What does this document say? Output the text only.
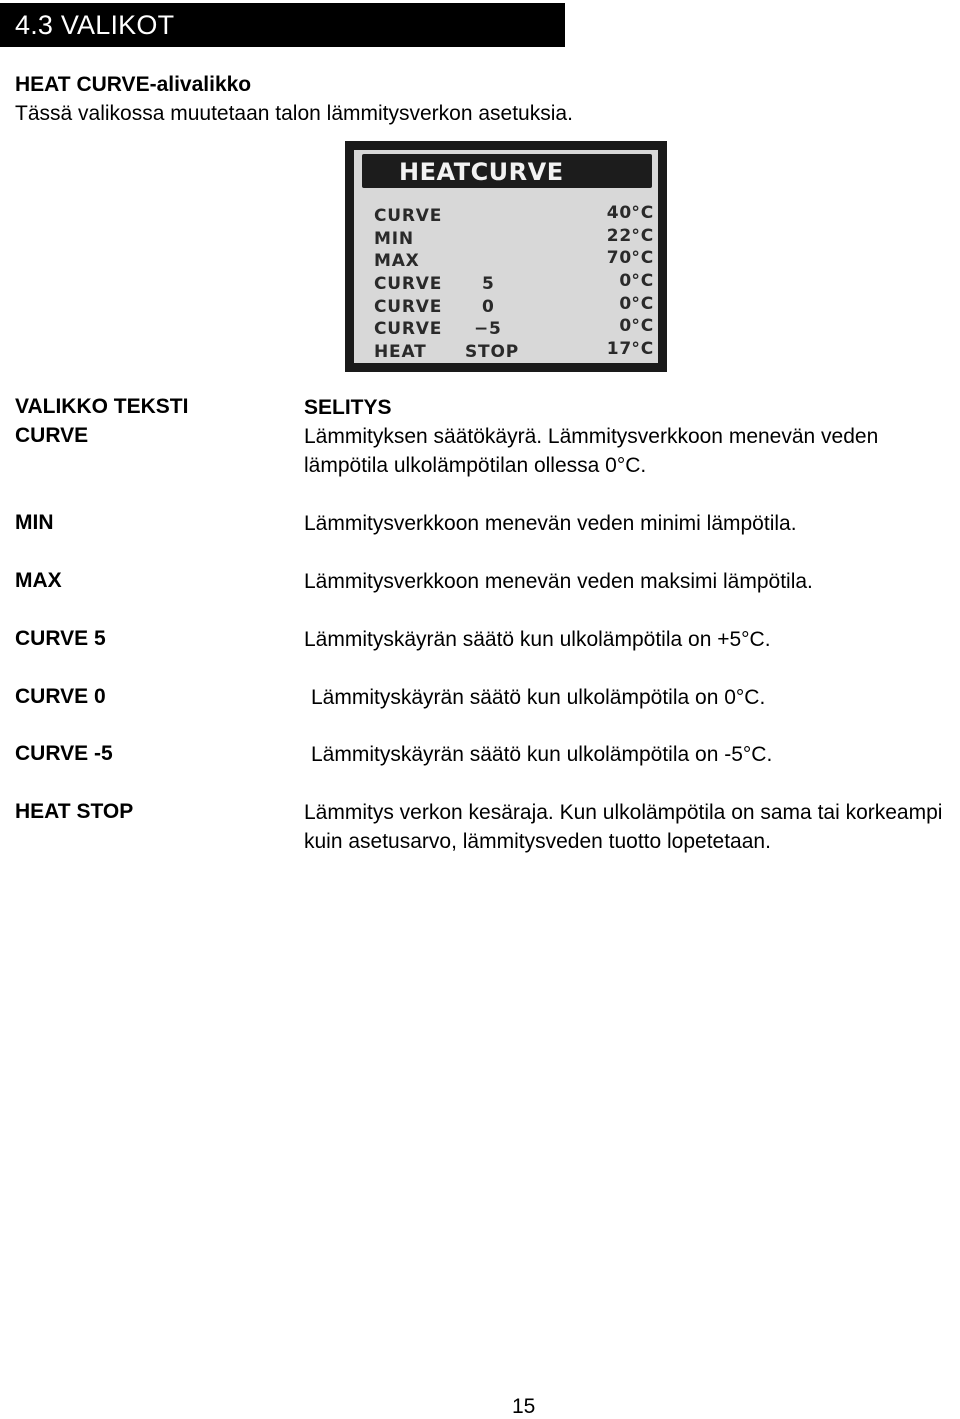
4.3 VALIKOT
HEAT CURVE-alivalikko
Tässä valikossa muutetaan talon lämmitysverkon asetuksia.
HEATCURVE
CURVE	40 °C
MIN	22 °C
MAX	70 °C
CURVE 5	0 °C
CURVE 0	0 °C
CURVE −5	0 °C
HEAT STOP	17 °C
VALIKKO TEKSTI	SELITYS
CURVE	Lämmityksen säätökäyrä. Lämmitysverkkoon menevän veden lämpötila ulkolämpötilan ollessa 0°C.
MIN	Lämmitysverkkoon menevän veden minimi lämpötila.
MAX	Lämmitysverkkoon menevän veden maksimi lämpötila.
CURVE 5	Lämmityskäyrän säätö kun ulkolämpötila on +5°C.
CURVE 0	Lämmityskäyrän säätö kun ulkolämpötila on 0°C.
CURVE -5	Lämmityskäyrän säätö kun ulkolämpötila on -5°C.
HEAT STOP	Lämmitys verkon kesäraja. Kun ulkolämpötila on sama tai korkeampi kuin asetusarvo, lämmitysveden tuotto lopetetaan.
15
